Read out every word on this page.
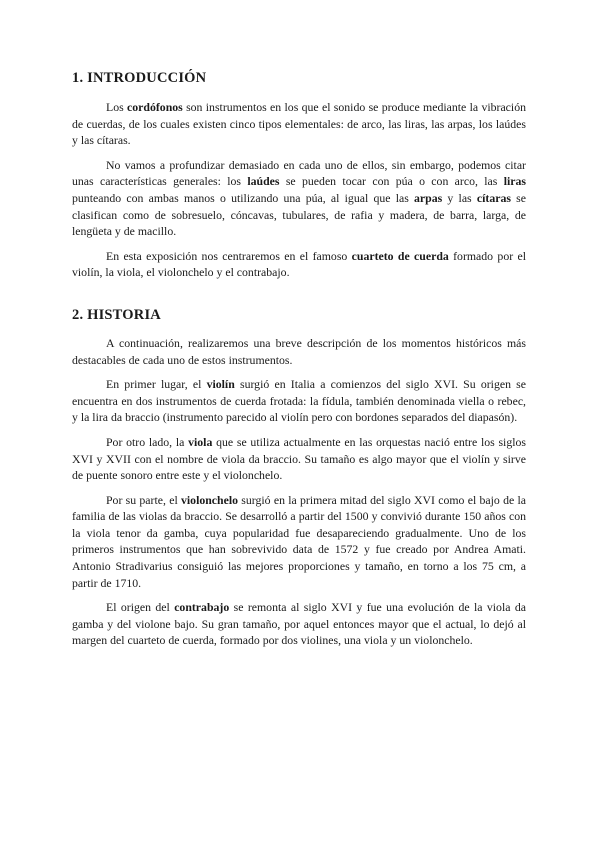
1. INTRODUCCIÓN

Los cordófonos son instrumentos en los que el sonido se produce mediante la vibración de cuerdas, de los cuales existen cinco tipos elementales: de arco, las liras, las arpas, los laúdes y las cítaras.

No vamos a profundizar demasiado en cada uno de ellos, sin embargo, podemos citar unas características generales: los laúdes se pueden tocar con púa o con arco, las liras punteando con ambas manos o utilizando una púa, al igual que las arpas y las cítaras se clasifican como de sobresuelo, cóncavas, tubulares, de rafia y madera, de barra, larga, de lengüeta y de macillo.

En esta exposición nos centraremos en el famoso cuarteto de cuerda formado por el violín, la viola, el violonchelo y el contrabajo.

2. HISTORIA

A continuación, realizaremos una breve descripción de los momentos históricos más destacables de cada uno de estos instrumentos.

En primer lugar, el violín surgió en Italia a comienzos del siglo XVI. Su origen se encuentra en dos instrumentos de cuerda frotada: la fídula, también denominada viella o rebec, y la lira da braccio (instrumento parecido al violín pero con bordones separados del diapasón).

Por otro lado, la viola que se utiliza actualmente en las orquestas nació entre los siglos XVI y XVII con el nombre de viola da braccio. Su tamaño es algo mayor que el violín y sirve de puente sonoro entre este y el violonchelo.

Por su parte, el violonchelo surgió en la primera mitad del siglo XVI como el bajo de la familia de las violas da braccio. Se desarrolló a partir del 1500 y convivió durante 150 años con la viola tenor da gamba, cuya popularidad fue desapareciendo gradualmente. Uno de los primeros instrumentos que han sobrevivido data de 1572 y fue creado por Andrea Amati. Antonio Stradivarius consiguió las mejores proporciones y tamaño, en torno a los 75 cm, a partir de 1710.

El origen del contrabajo se remonta al siglo XVI y fue una evolución de la viola da gamba y del violone bajo. Su gran tamaño, por aquel entonces mayor que el actual, lo dejó al margen del cuarteto de cuerda, formado por dos violines, una viola y un violonchelo.
